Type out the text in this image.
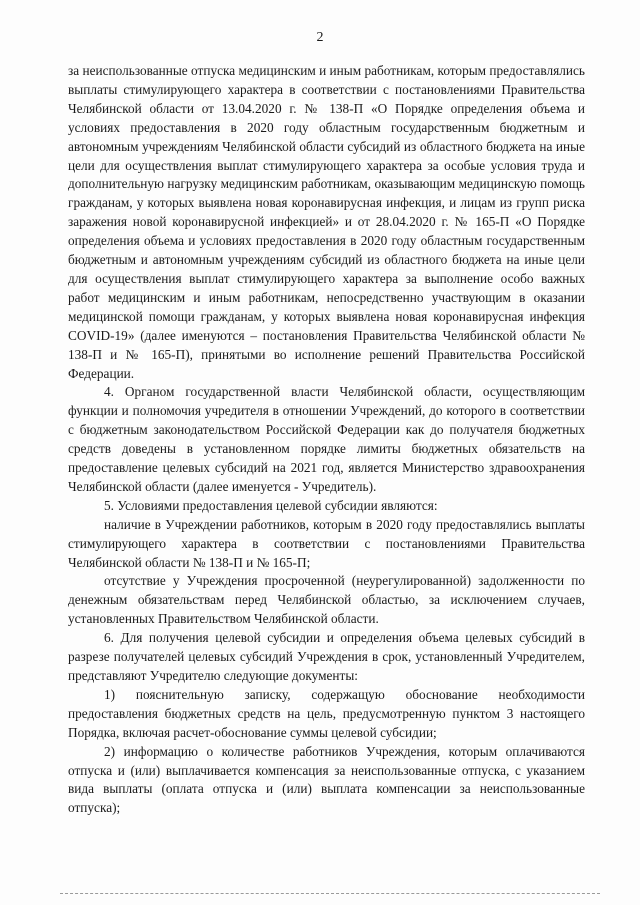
2

за неиспользованные отпуска медицинским и иным работникам, которым предоставлялись выплаты стимулирующего характера в соответствии с постановлениями Правительства Челябинской области от 13.04.2020 г. № 138-П «О Порядке определения объема и условиях предоставления в 2020 году областным государственным бюджетным и автономным учреждениям Челябинской области субсидий из областного бюджета на иные цели для осуществления выплат стимулирующего характера за особые условия труда и дополнительную нагрузку медицинским работникам, оказывающим медицинскую помощь гражданам, у которых выявлена новая коронавирусная инфекция, и лицам из групп риска заражения новой коронавирусной инфекцией» и от 28.04.2020 г. № 165-П «О Порядке определения объема и условиях предоставления в 2020 году областным государственным бюджетным и автономным учреждениям субсидий из областного бюджета на иные цели для осуществления выплат стимулирующего характера за выполнение особо важных работ медицинским и иным работникам, непосредственно участвующим в оказании медицинской помощи гражданам, у которых выявлена новая коронавирусная инфекция COVID-19» (далее именуются – постановления Правительства Челябинской области № 138-П и № 165-П), принятыми во исполнение решений Правительства Российской Федерации.

4. Органом государственной власти Челябинской области, осуществляющим функции и полномочия учредителя в отношении Учреждений, до которого в соответствии с бюджетным законодательством Российской Федерации как до получателя бюджетных средств доведены в установленном порядке лимиты бюджетных обязательств на предоставление целевых субсидий на 2021 год, является Министерство здравоохранения Челябинской области (далее именуется - Учредитель).

5. Условиями предоставления целевой субсидии являются:

наличие в Учреждении работников, которым в 2020 году предоставлялись выплаты стимулирующего характера в соответствии с постановлениями Правительства Челябинской области № 138-П и № 165-П;

отсутствие у Учреждения просроченной (неурегулированной) задолженности по денежным обязательствам перед Челябинской областью, за исключением случаев, установленных Правительством Челябинской области.

6. Для получения целевой субсидии и определения объема целевых субсидий в разрезе получателей целевых субсидий Учреждения в срок, установленный Учредителем, представляют Учредителю следующие документы:

1) пояснительную записку, содержащую обоснование необходимости предоставления бюджетных средств на цель, предусмотренную пунктом 3 настоящего Порядка, включая расчет-обоснование суммы целевой субсидии;

2) информацию о количестве работников Учреждения, которым оплачиваются отпуска и (или) выплачивается компенсация за неиспользованные отпуска, с указанием вида выплаты (оплата отпуска и (или) выплата компенсации за неиспользованные отпуска);
